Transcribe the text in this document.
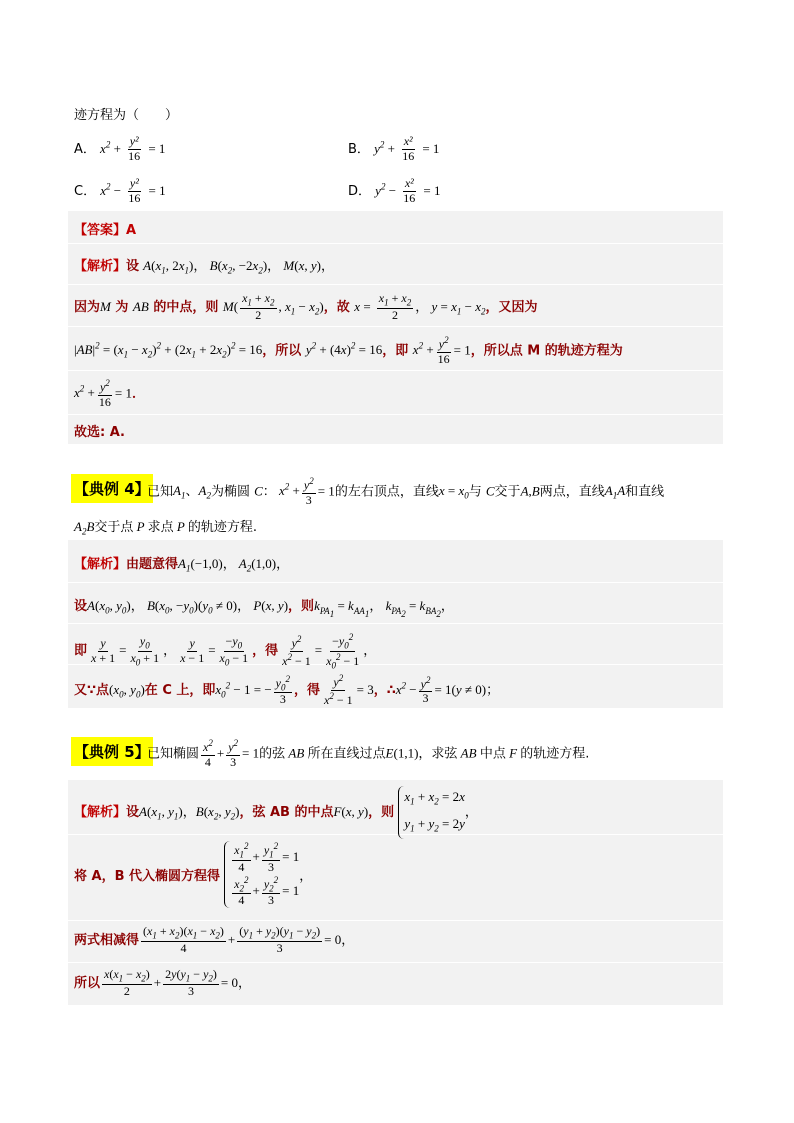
迹方程为（　　）
A． $x^2 + \frac{\text{y²}}{16} = 1$	B． $y^2 + \frac{\text{x²}}{16} = 1$
C． $x^2 - \frac{\text{y²}}{16} = 1$	D． $y^2 - \frac{\text{x²}}{16} = 1$
【答案】A
【解析】设 $A(x_1$, $2x_1$)， $B(x_2$, $-2x_2$)， M(x, y)，
因为M 为 AB 的中点，则 $M( \frac{x_1 + x_2}{2}$ , $x_1 - x_2$)，故 $x = \frac{x_1 + x_2}{2}$ ， $y = x_1 - x_2$，又因为
$|AB|^2 = (x_1 - x_2)^2 + (2x_1 + 2x_2)^2 = 16$，所以 $y^2 + (4x)^2 = 16$，即 $x^2 + \frac{y^2}{16} = 1$，所以点 M 的轨迹方程为
$x^2 + \frac{y^2}{16} = 1$．
故选: A.
【典例 4】
已知$A_1$、$A_2$为椭圆 C： $x^2 + \frac{y^2}{3} = 1$的左右顶点，直线$x = x_0$与 C交于A,B两点，直线$A_1A$和直线
$A_2B$交于点 P 求点 P 的轨迹方程.
【解析】由题意得$A_1(-1,0)$， $A_2(1,0)$，
设$A(x_0$, $y_0$)， $B(x_0$, $-y_0)(y_0 \ne 0)$， P(x, y)，则$k_{PA_1} = k_{AA_1}$， $k_{PA_2} = k_{BA_2}$，
即 $\frac{y}{x + 1} = \frac{y_0}{x_0 + 1}$ ， $\frac{y}{x - 1} = \frac{-y_0}{x_0 - 1}$ ，得 $\frac{y^2}{x^2 - 1} = \frac{-y_0^2}{x_0^2 - 1}$ ，
又∵点($x_0$, $y_0$)在 C 上，即$x_0^2 - 1$ = − $\frac{y_0^2}{3}$ ，得 $\frac{y^2}{x^2 - 1} = 3$，$\therefore x^2 - \frac{y^2}{3} = 1(y \ne 0)$；
【典例 5】
已知椭圆 $\frac{x^2}{4} + \frac{y^2}{3} = 1$的弦 AB 所在直线过点E(1,1)，求弦 AB 中点 F 的轨迹方程.
【解析】设$A(x_1$, $y_1$)，$B(x_2$, $y_2$)，弦 AB 的中点F(x, y)，则
$x_1 + x_2 = 2x$
$y_1 + y_2 = 2y$
，
将 A，B 代入椭圆方程得
$\frac{x_1^2}{4} + \frac{y_1^2}{3} = 1$
$\frac{x_2^2}{4} + \frac{y_2^2}{3} = 1$
，
两式相减得 $\frac{(x_1 + x_2)(x_1 - x_2)}{4} + \frac{(y_1 + y_2)(y_1 - y_2)}{3} = 0$，
所以 $\frac{x(x_1 - x_2)}{2} + \frac{2y(y_1 - y_2)}{3} = 0$，
